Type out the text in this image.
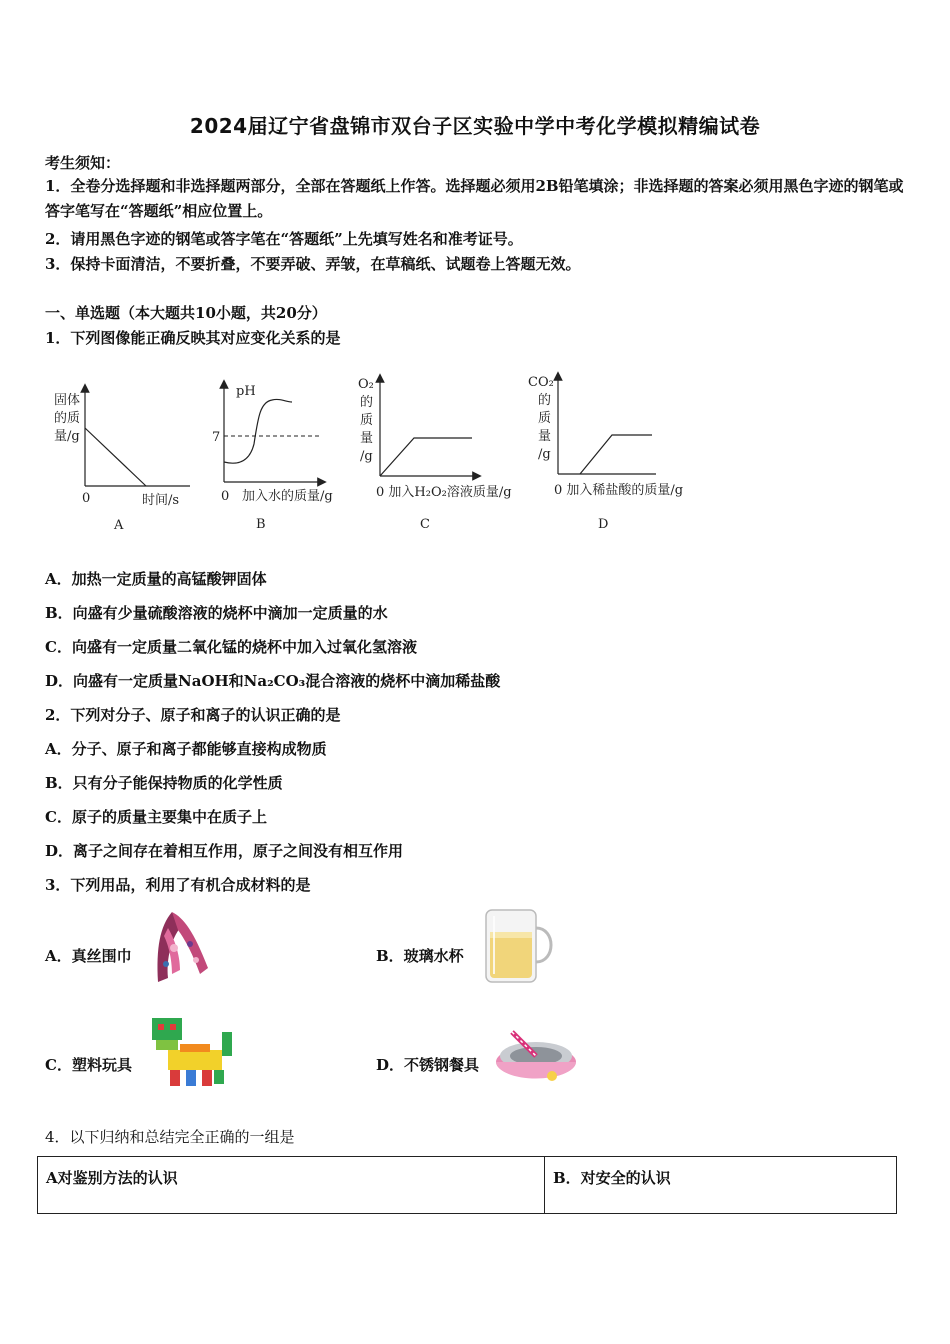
2024届辽宁省盘锦市双台子区实验中学中考化学模拟精编试卷
考生须知：
1．全卷分选择题和非选择题两部分，全部在答题纸上作答。选择题必须用2B铅笔填涂；非选择题的答案必须用黑色字迹的钢笔或答字笔写在“答题纸”相应位置上。
2．请用黑色字迹的钢笔或答字笔在“答题纸”上先填写姓名和准考证号。
3．保持卡面清洁，不要折叠，不要弄破、弄皱，在草稿纸、试题卷上答题无效。
一、单选题（本大题共10小题，共20分）
1．下列图像能正确反映其对应变化关系的是
固体
的质
量/g
0	时间/s
A
pH
7
0 加入水的质量/g
B
O₂
的
质
量
/g
0 加入H₂O₂溶液质量/g
C
CO₂
的
质
量
/g
0 加入稀盐酸的质量/g
D
A．加热一定质量的高锰酸钾固体
B．向盛有少量硫酸溶液的烧杯中滴加一定质量的水
C．向盛有一定质量二氧化锰的烧杯中加入过氧化氢溶液
D．向盛有一定质量NaOH和Na₂CO₃混合溶液的烧杯中滴加稀盐酸
2．下列对分子、原子和离子的认识正确的是
A．分子、原子和离子都能够直接构成物质
B．只有分子能保持物质的化学性质
C．原子的质量主要集中在质子上
D．离子之间存在着相互作用，原子之间没有相互作用
3．下列用品，利用了有机合成材料的是
A．真丝围巾	B．玻璃水杯
C．塑料玩具	D．不锈钢餐具
4．以下归纳和总结完全正确的一组是
A对鉴别方法的认识	B．对安全的认识
